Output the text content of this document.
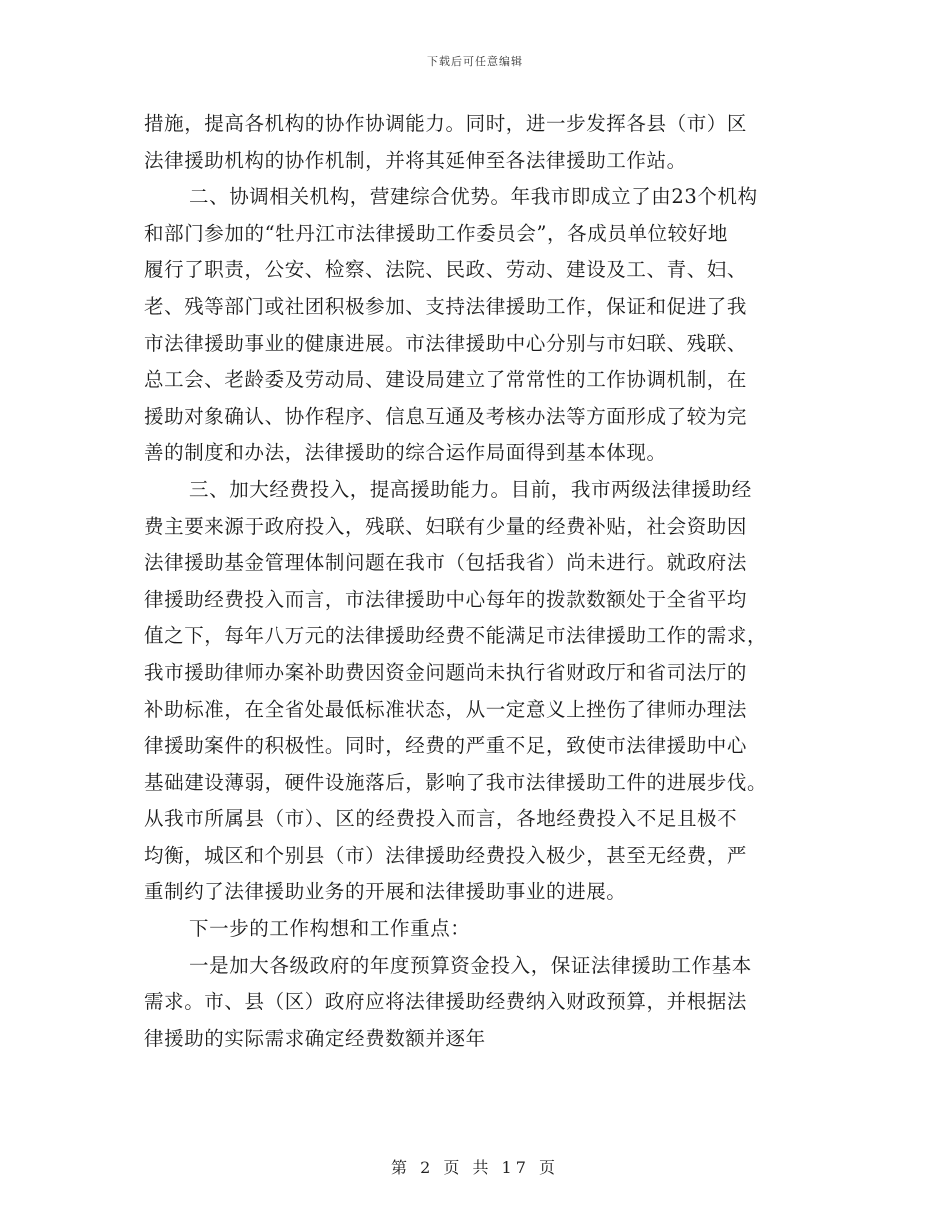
下载后可任意编辑
措施，提高各机构的协作协调能力。同时，进一步发挥各县（市）区
法律援助机构的协作机制，并将其延伸至各法律援助工作站。
二、协调相关机构，营建综合优势。年我市即成立了由23个机构
和部门参加的“牡丹江市法律援助工作委员会”，各成员单位较好地
履行了职责，公安、检察、法院、民政、劳动、建设及工、青、妇、
老、残等部门或社团积极参加、支持法律援助工作，保证和促进了我
市法律援助事业的健康进展。市法律援助中心分别与市妇联、残联、
总工会、老龄委及劳动局、建设局建立了常常性的工作协调机制，在
援助对象确认、协作程序、信息互通及考核办法等方面形成了较为完
善的制度和办法，法律援助的综合运作局面得到基本体现。
三、加大经费投入，提高援助能力。目前，我市两级法律援助经
费主要来源于政府投入，残联、妇联有少量的经费补贴，社会资助因
法律援助基金管理体制问题在我市（包括我省）尚未进行。就政府法
律援助经费投入而言，市法律援助中心每年的拨款数额处于全省平均
值之下，每年八万元的法律援助经费不能满足市法律援助工作的需求，
我市援助律师办案补助费因资金问题尚未执行省财政厅和省司法厅的
补助标准，在全省处最低标准状态，从一定意义上挫伤了律师办理法
律援助案件的积极性。同时，经费的严重不足，致使市法律援助中心
基础建设薄弱，硬件设施落后，影响了我市法律援助工件的进展步伐。
从我市所属县（市）、区的经费投入而言，各地经费投入不足且极不
均衡，城区和个别县（市）法律援助经费投入极少，甚至无经费，严
重制约了法律援助业务的开展和法律援助事业的进展。
下一步的工作构想和工作重点：
一是加大各级政府的年度预算资金投入，保证法律援助工作基本
需求。市、县（区）政府应将法律援助经费纳入财政预算，并根据法
律援助的实际需求确定经费数额并逐年
第 2 页 共 17 页
